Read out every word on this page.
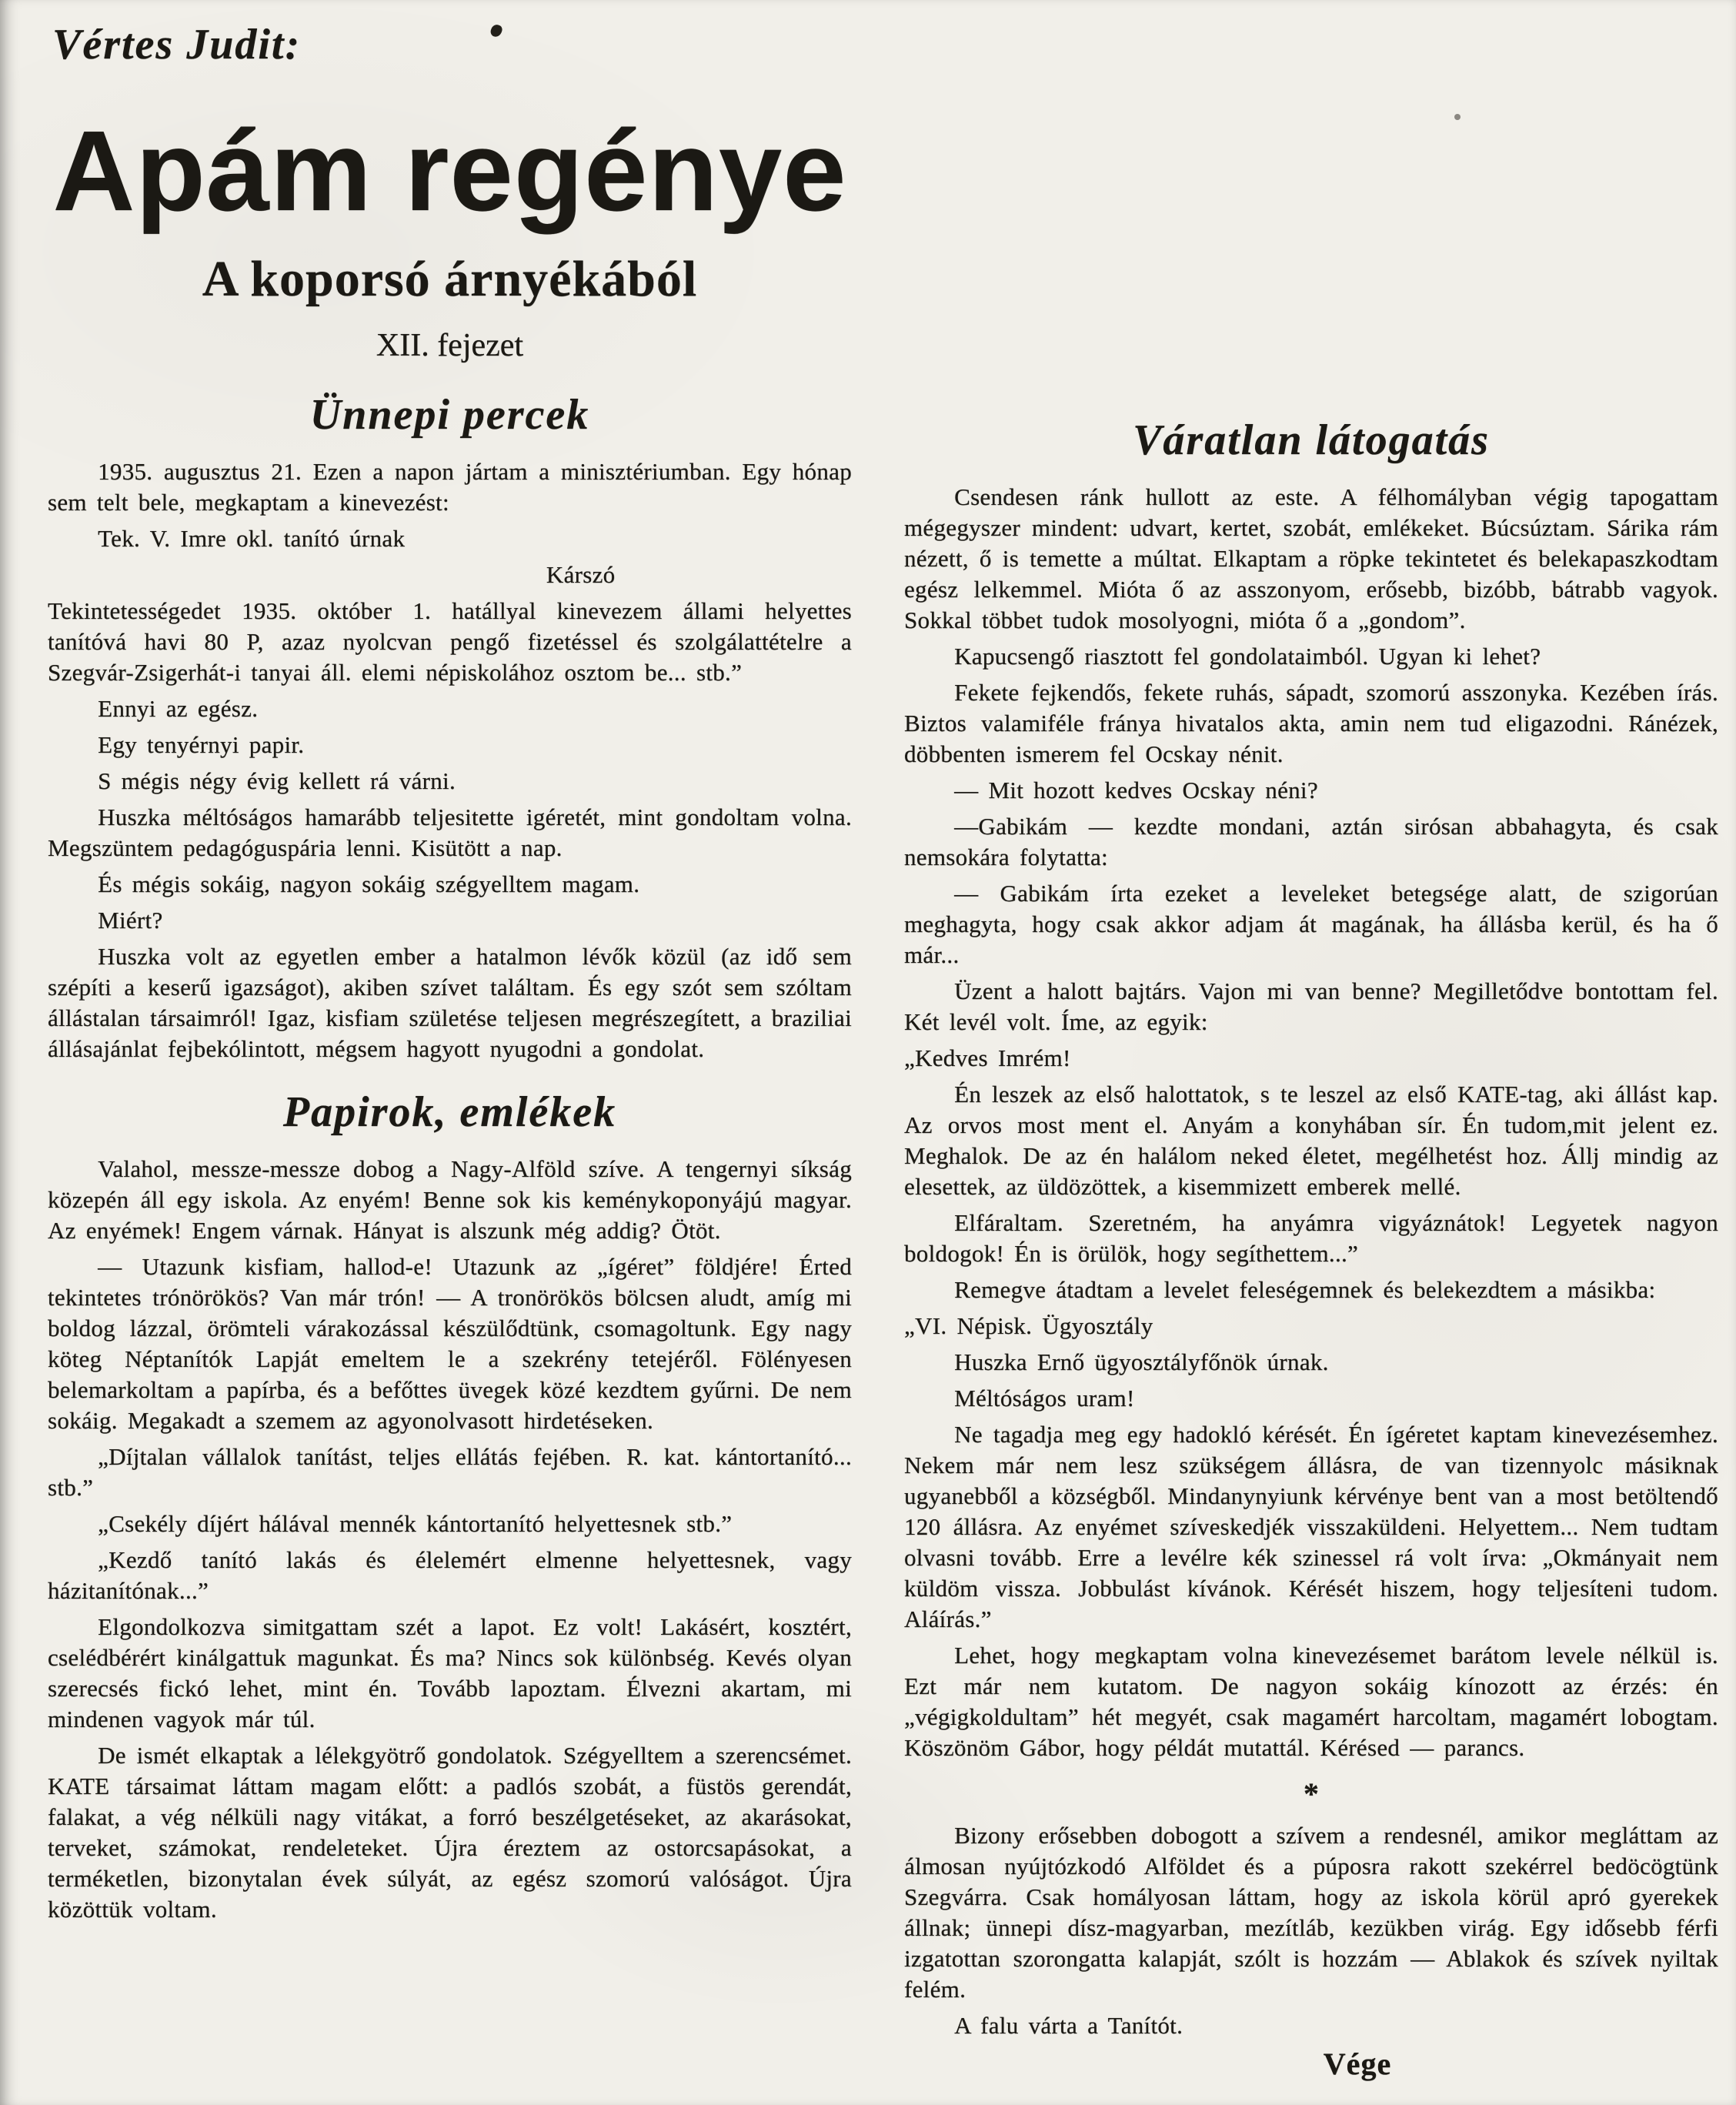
Vértes Judit:
Apám regénye
A koporsó árnyékából
XII. fejezet
Ünnepi percek

1935. augusztus 21. Ezen a napon jártam a minisztériumban. Egy hónap sem telt bele, megkaptam a kinevezést:

Tek. V. Imre okl. tanító úrnak

Kárszó

Tekintetességedet 1935. október 1. hatállyal kinevezem állami helyettes tanítóvá havi 80 P, azaz nyolcvan pengő fizetéssel és szolgálattételre a Szegvár-Zsigerhát-i tanyai áll. elemi népiskolához osztom be... stb.”

Ennyi az egész.

Egy tenyérnyi papir.

S mégis négy évig kellett rá várni.

Huszka méltóságos hamarább teljesitette igéretét, mint gondoltam volna. Megszüntem pedagóguspária lenni. Kisütött a nap.

És mégis sokáig, nagyon sokáig szégyelltem magam.

Miért?

Huszka volt az egyetlen ember a hatalmon lévők közül (az idő sem szépíti a keserű igazságot), akiben szívet találtam. És egy szót sem szóltam állástalan társaimról! Igaz, kisfiam születése teljesen megrészegített, a braziliai állásajánlat fejbekólintott, mégsem hagyott nyugodni a gondolat.

Papirok, emlékek

Valahol, messze-messze dobog a Nagy-Alföld szíve. A tengernyi síkság közepén áll egy iskola. Az enyém! Benne sok kis keménykoponyájú magyar. Az enyémek! Engem várnak. Hányat is alszunk még addig? Ötöt.

— Utazunk kisfiam, hallod-e! Utazunk az „ígéret” földjére! Érted tekintetes trónörökös? Van már trón! — A tronörökös bölcsen aludt, amíg mi boldog lázzal, örömteli várakozással készülődtünk, csomagoltunk. Egy nagy köteg Néptanítók Lapját emeltem le a szekrény tetejéről. Fölényesen belemarkoltam a papírba, és a befőttes üvegek közé kezdtem gyűrni. De nem sokáig. Megakadt a szemem az agyonolvasott hirdetéseken.

„Díjtalan vállalok tanítást, teljes ellátás fejében. R. kat. kántortanító... stb.”

„Csekély díjért hálával mennék kántortanító helyettesnek stb.”

„Kezdő tanító lakás és élelemért elmenne helyettesnek, vagy házitanítónak...”

Elgondolkozva simitgattam szét a lapot. Ez volt! Lakásért, kosztért, cselédbérért kinálgattuk magunkat. És ma? Nincs sok különbség. Kevés olyan szerecsés fickó lehet, mint én. Tovább lapoztam. Élvezni akartam, mi mindenen vagyok már túl.

De ismét elkaptak a lélekgyötrő gondolatok. Szégyelltem a szerencsémet. KATE társaimat láttam magam előtt: a padlós szobát, a füstös gerendát, falakat, a vég nélküli nagy vitákat, a forró beszélgetéseket, az akarásokat, terveket, számokat, rendeleteket. Újra éreztem az ostorcsapásokat, a terméketlen, bizonytalan évek súlyát, az egész szomorú valóságot. Újra közöttük voltam.

Váratlan látogatás

Csendesen ránk hullott az este. A félhomályban végig tapogattam mégegyszer mindent: udvart, kertet, szobát, emlékeket. Búcsúztam. Sárika rám nézett, ő is temette a múltat. Elkaptam a röpke tekintetet és belekapaszkodtam egész lelkemmel. Mióta ő az asszonyom, erősebb, bizóbb, bátrabb vagyok. Sokkal többet tudok mosolyogni, mióta ő a „gondom”.

Kapucsengő riasztott fel gondolataimból. Ugyan ki lehet?

Fekete fejkendős, fekete ruhás, sápadt, szomorú asszonyka. Kezében írás. Biztos valamiféle fránya hivatalos akta, amin nem tud eligazodni. Ránézek, döbbenten ismerem fel Ocskay nénit.

— Mit hozott kedves Ocskay néni?

—Gabikám — kezdte mondani, aztán sirósan abbahagyta, és csak nemsokára folytatta:

— Gabikám írta ezeket a leveleket betegsége alatt, de szigorúan meghagyta, hogy csak akkor adjam át magának, ha állásba kerül, és ha ő már...

Üzent a halott bajtárs. Vajon mi van benne? Megilletődve bontottam fel. Két levél volt. Íme, az egyik:

„Kedves Imrém!

Én leszek az első halottatok, s te leszel az első KATE-tag, aki állást kap. Az orvos most ment el. Anyám a konyhában sír. Én tudom,mit jelent ez. Meghalok. De az én halálom neked életet, megélhetést hoz. Állj mindig az elesettek, az üldözöttek, a kisemmizett emberek mellé.

Elfáraltam. Szeretném, ha anyámra vigyáznátok! Legyetek nagyon boldogok! Én is örülök, hogy segíthettem...”

Remegve átadtam a levelet feleségemnek és belekezdtem a másikba:

„VI. Népisk. Ügyosztály

Huszka Ernő ügyosztályfőnök úrnak.

Méltóságos uram!

Ne tagadja meg egy hadokló kérését. Én ígéretet kaptam kinevezésemhez. Nekem már nem lesz szükségem állásra, de van tizennyolc másiknak ugyanebből a községből. Mindanynyiunk kérvénye bent van a most betöltendő 120 állásra. Az enyémet szíveskedjék visszaküldeni. Helyettem... Nem tudtam olvasni tovább. Erre a levélre kék szinessel rá volt írva: „Okmányait nem küldöm vissza. Jobbulást kívánok. Kérését hiszem, hogy teljesíteni tudom. Aláírás.”

Lehet, hogy megkaptam volna kinevezésemet barátom levele nélkül is. Ezt már nem kutatom. De nagyon sokáig kínozott az érzés: én „végigkoldultam” hét megyét, csak magamért harcoltam, magamért lobogtam. Köszönöm Gábor, hogy példát mutattál. Kérésed — parancs.

*

Bizony erősebben dobogott a szívem a rendesnél, amikor megláttam az álmosan nyújtózkodó Alföldet és a púposra rakott szekérrel bedöcögtünk Szegvárra. Csak homályosan láttam, hogy az iskola körül apró gyerekek állnak; ünnepi dísz-magyarban, mezítláb, kezükben virág. Egy idősebb férfi izgatottan szorongatta kalapját, szólt is hozzám — Ablakok és szívek nyiltak felém.

A falu várta a Tanítót.

Vége
